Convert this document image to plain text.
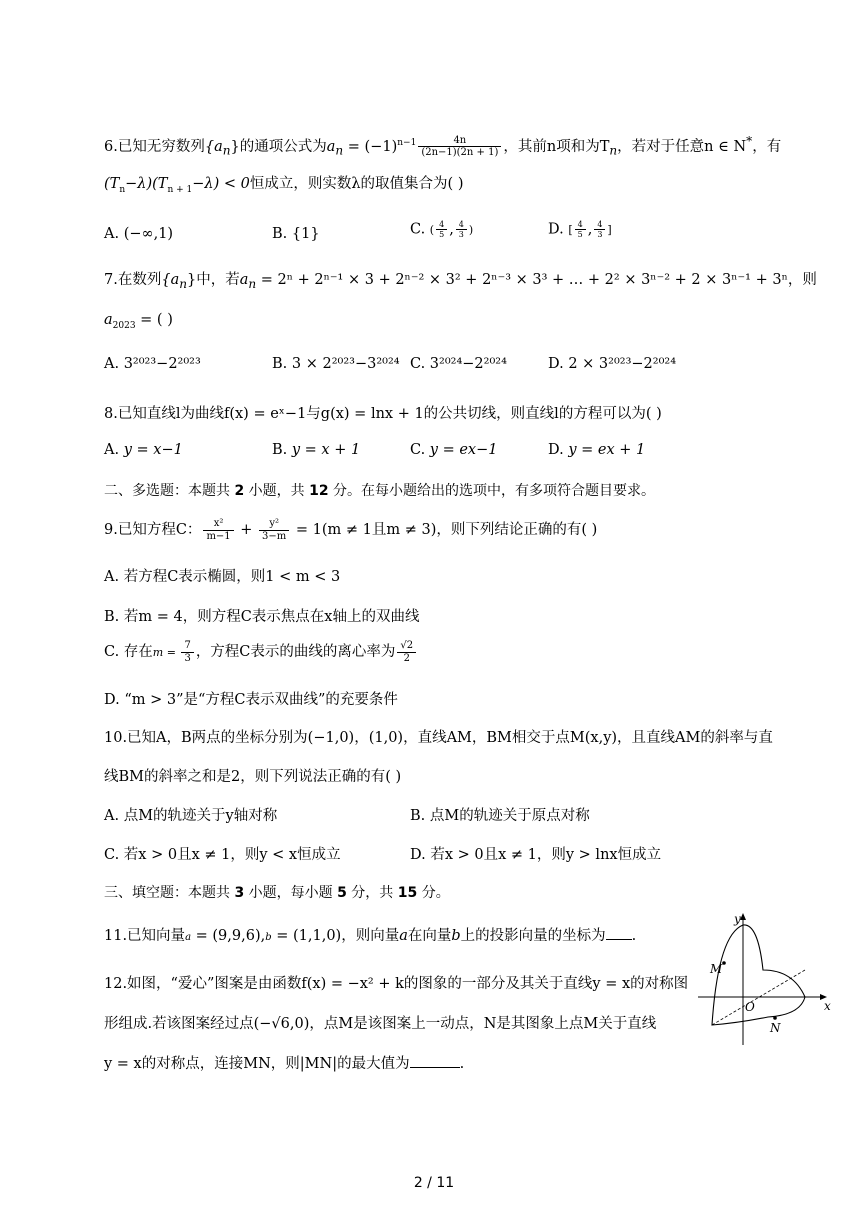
6.已知无穷数列$\{a_n\}$的通项公式为$a_n = (-1)^{n-1} \frac{4n}{(2n-1)(2n + 1)}$ ，其前n项和为$T_n$，若对于任意n ∈ N*，有
$(T_n-\lambda)(T_{n + 1}-\lambda) < 0$恒成立，则实数λ的取值集合为( )
A. (−∞,1)	B. {1}	C. ( $\frac{4}{5}$ , $\frac{4}{3}$ )	D. [ $\frac{4}{5}$ , $\frac{4}{3}$ ]
7.在数列$\{a_n\}$中，若$a_n = 2^n + 2^{n-1} \times 3 + 2^{n-2} \times 3^2 + 2^{n-3} \times 3^3$ + … + 2² × 3ⁿ⁻² + 2 × 3ⁿ⁻¹ + 3ⁿ，则
$a_{2023}$ = ( )
A. 3²⁰²³−2²⁰²³	B. 3 × 2²⁰²³−3²⁰²⁴ C. 3²⁰²⁴−2²⁰²⁴	D. 2 × 3²⁰²³−2²⁰²⁴
8.已知直线l为曲线f(x) = eˣ−1与g(x) = lnx + 1的公共切线，则直线l的方程可以为( )
A. y = x−1	B. y = x + 1	C. y = ex−1	D. y = ex + 1
二、多选题：本题共 2 小题，共 12 分。在每小题给出的选项中，有多项符合题目要求。
9.已知方程C： $\frac{\text{x²}}{m-1} + \frac{\text{y²}}{3-m} = 1(m \ne 1$且m ≠ 3)，则下列结论正确的有( )
A. 若方程C表示椭圆，则1 < m < 3
B. 若m = 4，则方程C表示焦点在x轴上的双曲线
C. 存在$m = \frac{7}{3}$ ，方程C表示的曲线的离心率为 $\frac{√2}{2}$
D. “m > 3”是“方程C表示双曲线”的充要条件
10.已知A，B两点的坐标分别为(−1,0)，(1,0)，直线AM，BM相交于点M(x,y)，且直线AM的斜率与直
线BM的斜率之和是2，则下列说法正确的有( )
A. 点M的轨迹关于y轴对称	B. 点M的轨迹关于原点对称
C. 若x > 0且x ≠ 1，则y < x恒成立	D. 若x > 0且x ≠ 1，则y > lnx恒成立
三、填空题：本题共 3 小题，每小题 5 分，共 15 分。
11.已知向量a = (9,9,6),b = (1,1,0)，则向量a在向量b上的投影向量的坐标为 .
12.如图，“爱心”图案是由函数f(x) = −x² + k的图象的一部分及其关于直线y = x的对称图
形组成.若该图案经过点(−√6,0)，点M是该图案上一动点，N是其图象上点M关于直线
y = x的对称点，连接MN，则|MN|的最大值为	.
y
x
O
M
N
2 / 11
